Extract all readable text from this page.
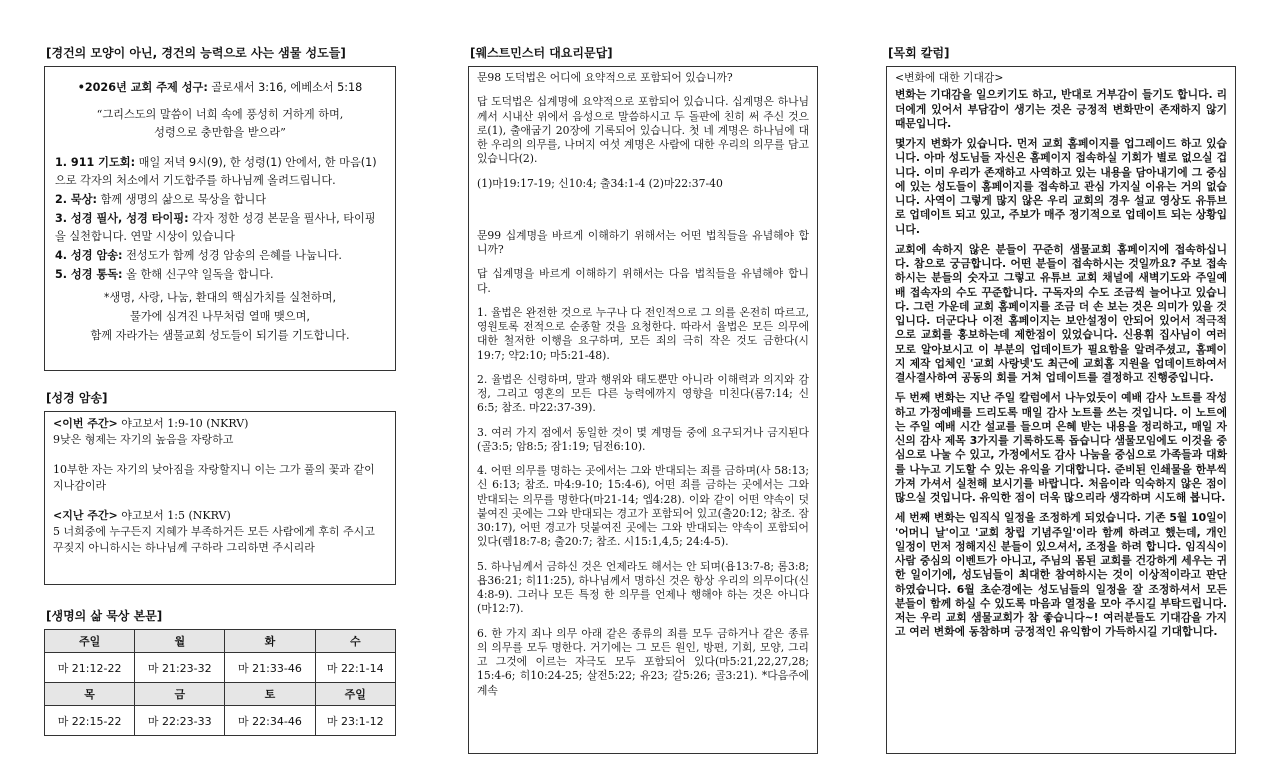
[경건의 모양이 아닌, 경건의 능력으로 사는 샘물 성도들]
•2026년 교회 주제 성구: 골로새서 3:16, 에베소서 5:18
“그리스도의 말씀이 너희 속에 풍성히 거하게 하며,
성령으로 충만함을 받으라”
1. 911 기도회: 매일 저녁 9시(9), 한 성령(1) 안에서, 한 마음(1)으로 각자의 처소에서 기도합주를 하나님께 올려드립니다.
2. 묵상: 함께 생명의 삶으로 묵상을 합니다
3. 성경 필사, 성경 타이핑: 각자 정한 성경 본문을 필사나, 타이핑을 실천합니다. 연말 시상이 있습니다
4. 성경 암송: 전성도가 함께 성경 암송의 은혜를 나눕니다.
5. 성경 통독: 올 한해 신구약 일독을 합니다.
*생명, 사랑, 나눔, 환대의 핵심가치를 실천하며,
물가에 심겨진 나무처럼 열매 맺으며,
함께 자라가는 샘물교회 성도들이 되기를 기도합니다.
[성경 암송]

<이번 주간> 야고보서 1:9-10 (NKRV)

9낮은 형제는 자기의 높음을 자랑하고

10부한 자는 자기의 낮아짐을 자랑할지니 이는 그가 풀의 꽃과 같이 지나감이라

<지난 주간> 야고보서 1:5 (NKRV)

5 너희중에 누구든지 지혜가 부족하거든 모든 사람에게 후히 주시고 꾸짖지 아니하시는 하나님께 구하라 그리하면 주시리라

[생명의 삶 묵상 본문]
주일	월	화	수
마 21:12-22	마 21:23-32	마 21:33-46	마 22:1-14
목	금	토	주일
마 22:15-22	마 22:23-33	마 22:34-46	마 23:1-12
[웨스트민스터 대요리문답]

문98 도덕법은 어디에 요약적으로 포함되어 있습니까?

답 도덕법은 십계명에 요약적으로 포함되어 있습니다. 십계명은 하나님께서 시내산 위에서 음성으로 말씀하시고 두 돌판에 친히 써 주신 것으로(1), 출애굽기 20장에 기록되어 있습니다. 첫 네 계명은 하나님에 대한 우리의 의무를, 나머지 여섯 계명은 사람에 대한 우리의 의무를 담고 있습니다(2).

(1)마19:17-19; 신10:4; 출34:1-4 (2)마22:37-40

문99 십계명을 바르게 이해하기 위해서는 어떤 법칙들을 유념해야 합니까?

답 십계명을 바르게 이해하기 위해서는 다음 법칙들을 유념해야 합니다.

1. 율법은 완전한 것으로 누구나 다 전인적으로 그 의를 온전히 따르고, 영원토록 전적으로 순종할 것을 요청한다. 따라서 율법은 모든 의무에 대한 철저한 이행을 요구하며, 모든 죄의 극히 작은 것도 금한다(시19:7; 약2:10; 마5:21-48).

2. 율법은 신령하며, 말과 행위와 태도뿐만 아니라 이해력과 의지와 감정, 그리고 영혼의 모든 다른 능력에까지 영향을 미친다(롬7:14; 신6:5; 참조. 마22:37-39).

3. 여러 가지 점에서 동일한 것이 몇 계명들 중에 요구되거나 금지된다(골3:5; 암8:5; 잠1:19; 딤전6:10).

4. 어떤 의무를 명하는 곳에서는 그와 반대되는 죄를 금하며(사 58:13; 신 6:13; 참조. 마4:9-10; 15:4-6), 어떤 죄를 금하는 곳에서는 그와 반대되는 의무를 명한다(마21-14; 엡4:28). 이와 같이 어떤 약속이 덧붙여진 곳에는 그와 반대되는 경고가 포함되어 있고(출20:12; 참조. 잠30:17), 어떤 경고가 덧붙여진 곳에는 그와 반대되는 약속이 포함되어 있다(렘18:7-8; 출20:7; 참조. 시15:1,4,5; 24:4-5).

5. 하나님께서 금하신 것은 언제라도 해서는 안 되며(욥13:7-8; 롬3:8; 욥36:21; 히11:25), 하나님께서 명하신 것은 항상 우리의 의무이다(신4:8-9). 그러나 모든 특정 한 의무를 언제나 행해야 하는 것은 아니다(마12:7).

6. 한 가지 죄나 의무 아래 같은 종류의 죄를 모두 금하거나 같은 종류의 의무를 모두 명한다. 거기에는 그 모든 원인, 방편, 기회, 모양, 그리고 그것에 이르는 자극도 모두 포함되어 있다(마5:21,22,27,28; 15:4-6; 히10:24-25; 살전5:22; 유23; 갈5:26; 골3:21). *다음주에 계속

[목회 칼럼]

<변화에 대한 기대감>

변화는 기대감을 일으키기도 하고, 반대로 거부감이 들기도 합니다. 리더에게 있어서 부담감이 생기는 것은 긍정적 변화만이 존재하지 않기 때문입니다.

몇가지 변화가 있습니다. 먼저 교회 홈페이지를 업그레이드 하고 있습니다. 아마 성도님들 자신은 홈페이지 접속하실 기회가 별로 없으실 겁니다. 이미 우리가 존재하고 사역하고 있는 내용을 담아내기에 그 중심에 있는 성도들이 홈페이지를 접속하고 관심 가지실 이유는 거의 없습니다. 사역이 그렇게 많지 않은 우리 교회의 경우 설교 영상도 유튜브로 업데이트 되고 있고, 주보가 매주 정기적으로 업데이트 되는 상황입니다.

교회에 속하지 않은 분들이 꾸준히 샘물교회 홈페이지에 접속하십니다. 참으로 궁금합니다. 어떤 분들이 접속하시는 것일까요? 주보 접속하시는 분들의 숫자고 그렇고 유튜브 교회 채널에 새벽기도와 주일예배 접속자의 수도 꾸준합니다. 구독자의 수도 조금씩 늘어나고 있습니다. 그런 가운데 교회 홈페이지를 조금 더 손 보는 것은 의미가 있을 것입니다. 더군다나 이전 홈페이지는 보안설정이 안되어 있어서 적극적으로 교회를 홍보하는데 제한점이 있었습니다. 신용휘 집사님이 여러모로 알아보시고 이 부분의 업데이트가 필요함을 알려주셨고, 홈페이지 제작 업체인 '교회 사랑넷'도 최근에 교회홈 지원을 업데이트하여서 결사결사하여 공동의 회를 거쳐 업데이트를 결정하고 진행중입니다.

두 번째 변화는 지난 주일 칼럼에서 나누었듯이 예배 감사 노트를 작성하고 가정예배를 드리도록 매일 감사 노트를 쓰는 것입니다. 이 노트에는 주일 예배 시간 설교를 들으며 은혜 받는 내용을 정리하고, 매일 자신의 감사 제목 3가지를 기록하도록 돕습니다 샘물모임에도 이것을 중심으로 나눌 수 있고, 가정에서도 감사 나눔을 중심으로 가족들과 대화를 나누고 기도할 수 있는 유익을 기대합니다. 준비된 인쇄물을 한부씩 가져 가셔서 실천해 보시기를 바랍니다. 처음이라 익숙하지 않은 점이 많으실 것입니다. 유익한 점이 더욱 많으리라 생각하며 시도해 봅니다.

세 번째 변화는 임직식 일정을 조정하게 되었습니다. 기존 5월 10일이 '어머니 날'이고 '교회 창립 기념주일'이라 함께 하려고 했는데, 개인 일정이 먼저 정해지신 분들이 있으셔서, 조정을 하려 합니다. 임직식이 사람 중심의 이벤트가 아니고, 주님의 몸된 교회를 건강하게 세우는 귀한 일이기에, 성도님들이 최대한 참여하시는 것이 이상적이라고 판단하였습니다. 6월 초순경에는 성도님들의 일정을 잘 조정하셔서 모든 분들이 함께 하실 수 있도록 마음과 열정을 모아 주시길 부탁드립니다. 저는 우리 교회 샘물교회가 참 좋습니다~! 여러분들도 기대감을 가지고 여러 변화에 동참하며 긍정적인 유익함이 가득하시길 기대합니다.
